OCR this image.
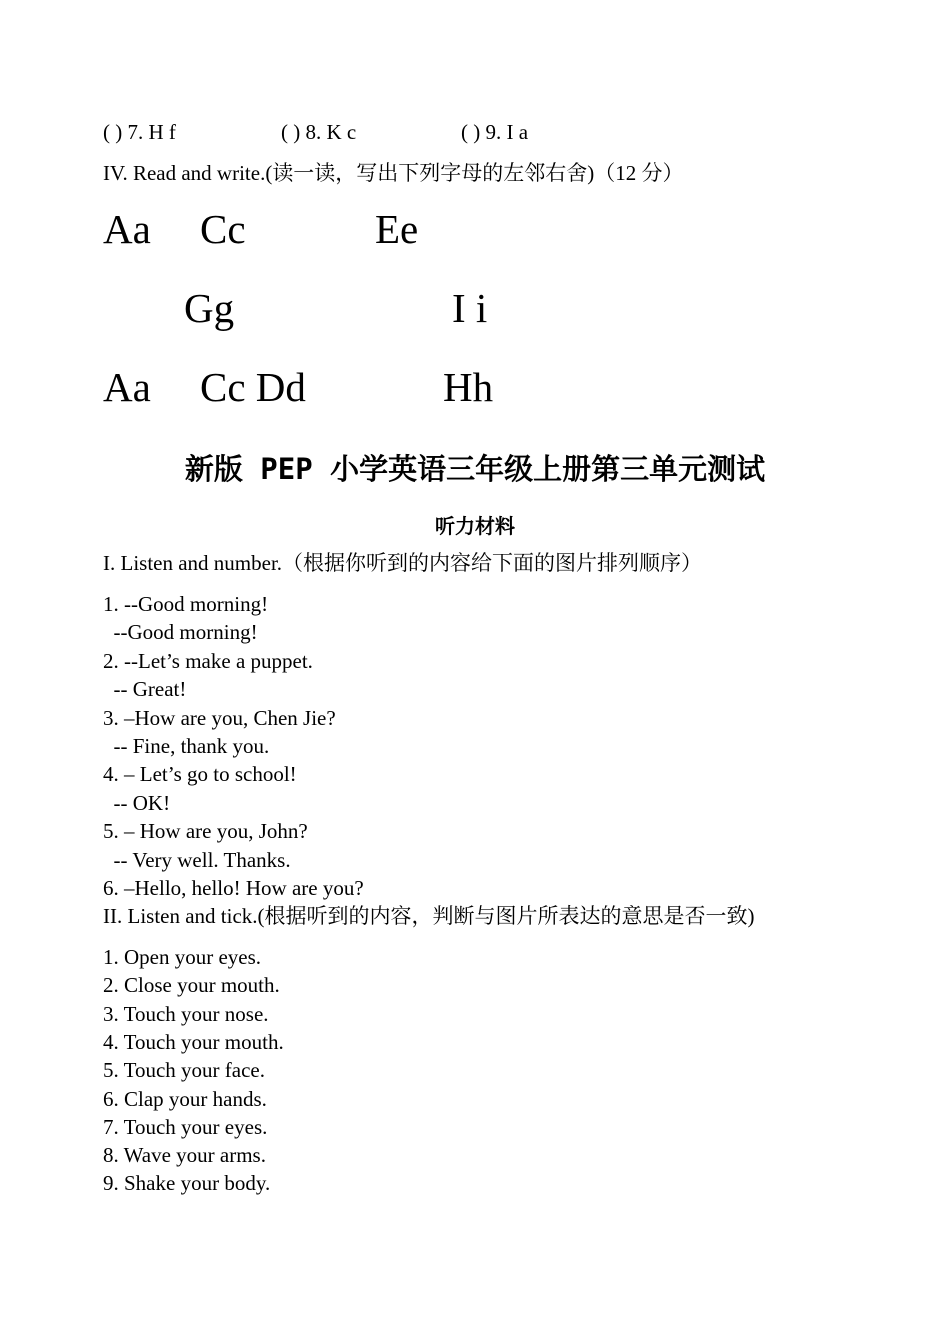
( ) 7. H f	( ) 8. K c	( ) 9. I a
IV. Read and write.(读一读，写出下列字母的左邻右舍)（12 分）
Aa Cc	Ee
Gg	I i
Aa Cc Dd	Hh
新版 PEP 小学英语三年级上册第三单元测试
听力材料
I. Listen and number.（根据你听到的内容给下面的图片排列顺序）
1. --Good morning!
--Good morning!
2. --Let’s make a puppet.
-- Great!
3. –How are you, Chen Jie?
-- Fine, thank you.
4. – Let’s go to school!
-- OK!
5. – How are you, John?
-- Very well. Thanks.
6. –Hello, hello! How are you?
II. Listen and tick.(根据听到的内容，判断与图片所表达的意思是否一致)
1. Open your eyes.
2. Close your mouth.
3. Touch your nose.
4. Touch your mouth.
5. Touch your face.
6. Clap your hands.
7. Touch your eyes.
8. Wave your arms.
9. Shake your body.
